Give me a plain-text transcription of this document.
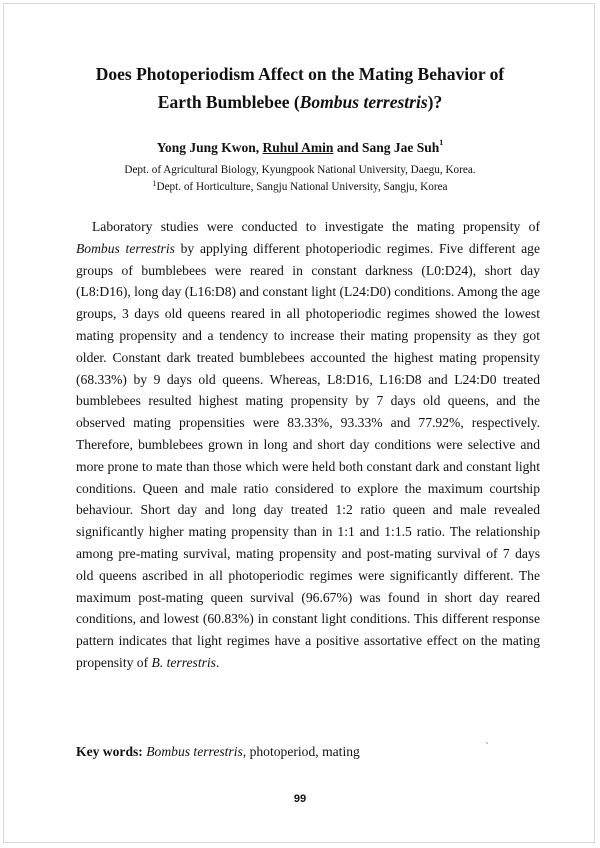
Does Photoperiodism Affect on the Mating Behavior of
Earth Bumblebee (Bombus terrestris)?

Yong Jung Kwon, Ruhul Amin and Sang Jae Suh$^1$

Dept. of Agricultural Biology, Kyungpook National University, Daegu, Korea.

$^1$Dept. of Horticulture, Sangju National University, Sangju, Korea

Laboratory studies were conducted to investigate the mating propensity of Bombus terrestris by applying different photoperiodic regimes. Five different age groups of bumblebees were reared in constant darkness (L0:D24), short day (L8:D16), long day (L16:D8) and constant light (L24:D0) conditions. Among the age groups, 3 days old queens reared in all photoperiodic regimes showed the lowest mating propensity and a tendency to increase their mating propensity as they got older. Constant dark treated bumblebees accounted the highest mating propensity (68.33%) by 9 days old queens. Whereas, L8:D16, L16:D8 and L24:D0 treated bumblebees resulted highest mating propensity by 7 days old queens, and the observed mating propensities were 83.33%, 93.33% and 77.92%, respectively. Therefore, bumblebees grown in long and short day conditions were selective and more prone to mate than those which were held both constant dark and constant light conditions. Queen and male ratio considered to explore the maximum courtship behaviour. Short day and long day treated 1:2 ratio queen and male revealed significantly higher mating propensity than in 1:1 and 1:1.5 ratio. The relationship among pre-mating survival, mating propensity and post-mating survival of 7 days old queens ascribed in all photoperiodic regimes were significantly different. The maximum post-mating queen survival (96.67%) was found in short day reared conditions, and lowest (60.83%) in constant light conditions. This different response pattern indicates that light regimes have a positive assortative effect on the mating propensity of B. terrestris.

Key words: Bombus terrestris, photoperiod, mating

99
